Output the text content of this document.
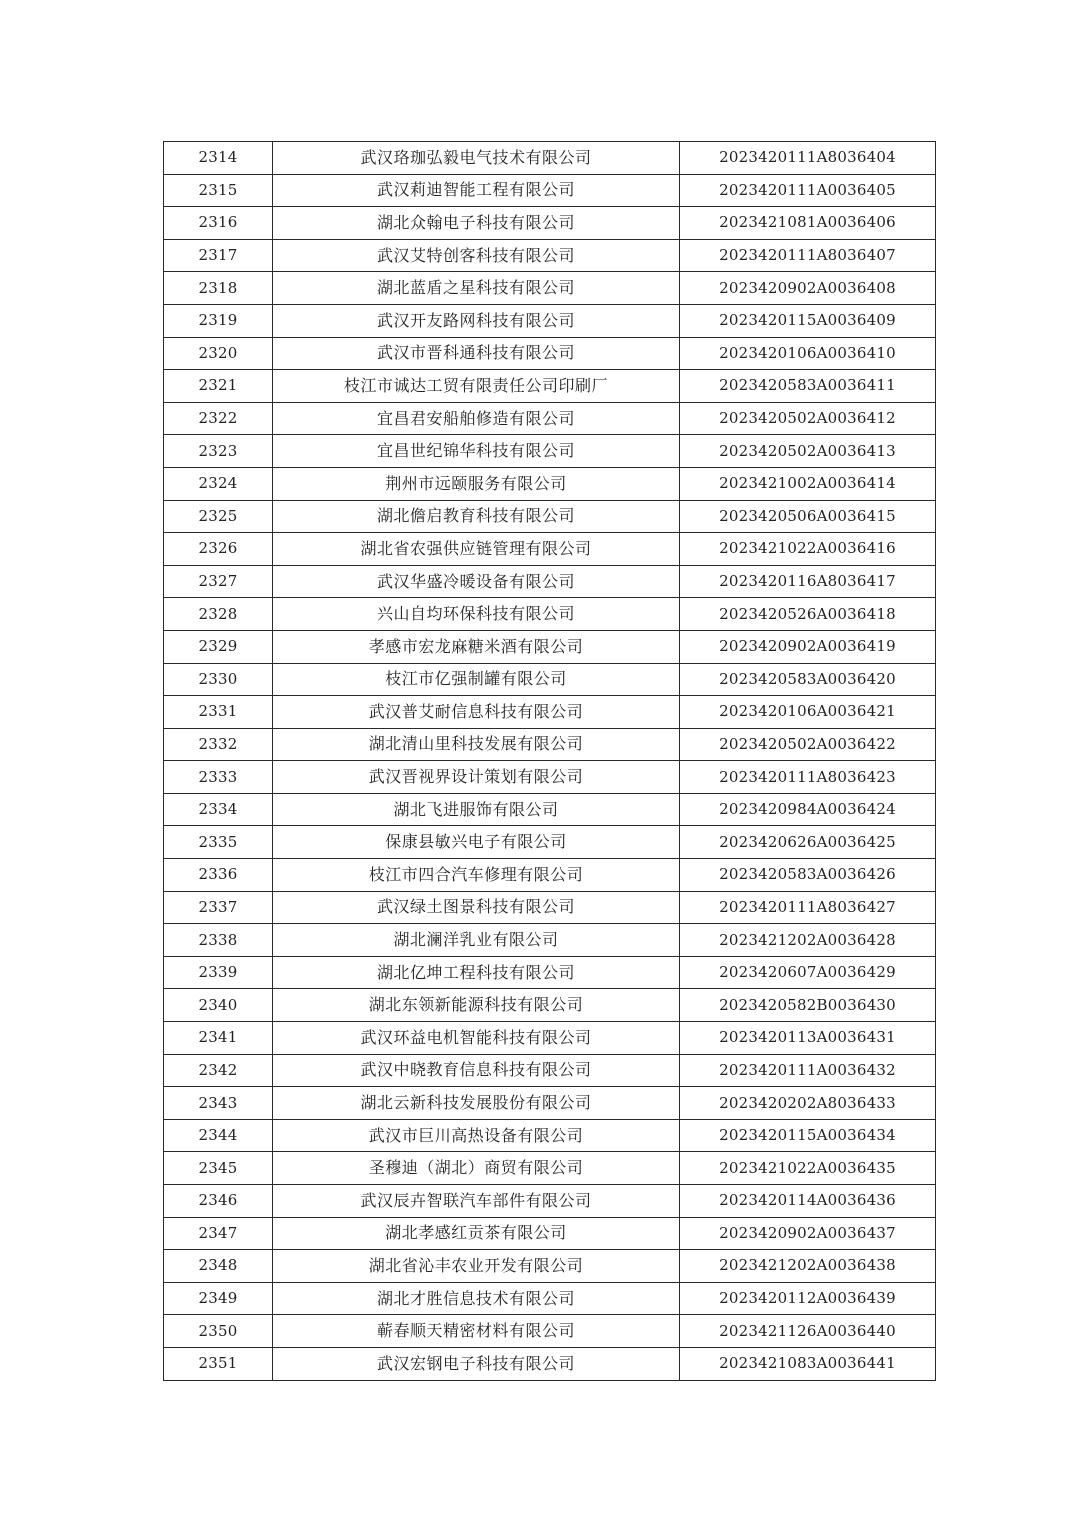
2314	武汉珞珈弘毅电气技术有限公司	2023420111A8036404
2315	武汉莉迪智能工程有限公司	2023420111A0036405
2316	湖北众翰电子科技有限公司	2023421081A0036406
2317	武汉艾特创客科技有限公司	2023420111A8036407
2318	湖北蓝盾之星科技有限公司	2023420902A0036408
2319	武汉开友路网科技有限公司	2023420115A0036409
2320	武汉市晋科通科技有限公司	2023420106A0036410
2321	枝江市诚达工贸有限责任公司印刷厂	2023420583A0036411
2322	宜昌君安船舶修造有限公司	2023420502A0036412
2323	宜昌世纪锦华科技有限公司	2023420502A0036413
2324	荆州市远颐服务有限公司	2023421002A0036414
2325	湖北儋启教育科技有限公司	2023420506A0036415
2326	湖北省农强供应链管理有限公司	2023421022A0036416
2327	武汉华盛冷暖设备有限公司	2023420116A8036417
2328	兴山自均环保科技有限公司	2023420526A0036418
2329	孝感市宏龙麻糖米酒有限公司	2023420902A0036419
2330	枝江市亿强制罐有限公司	2023420583A0036420
2331	武汉普艾耐信息科技有限公司	2023420106A0036421
2332	湖北清山里科技发展有限公司	2023420502A0036422
2333	武汉晋视界设计策划有限公司	2023420111A8036423
2334	湖北飞进服饰有限公司	2023420984A0036424
2335	保康县敏兴电子有限公司	2023420626A0036425
2336	枝江市四合汽车修理有限公司	2023420583A0036426
2337	武汉绿土图景科技有限公司	2023420111A8036427
2338	湖北澜洋乳业有限公司	2023421202A0036428
2339	湖北亿坤工程科技有限公司	2023420607A0036429
2340	湖北东领新能源科技有限公司	2023420582B0036430
2341	武汉环益电机智能科技有限公司	2023420113A0036431
2342	武汉中晓教育信息科技有限公司	2023420111A0036432
2343	湖北云新科技发展股份有限公司	2023420202A8036433
2344	武汉市巨川高热设备有限公司	2023420115A0036434
2345	圣穆迪（湖北）商贸有限公司	2023421022A0036435
2346	武汉辰卉智联汽车部件有限公司	2023420114A0036436
2347	湖北孝感红贡茶有限公司	2023420902A0036437
2348	湖北省沁丰农业开发有限公司	2023421202A0036438
2349	湖北才胜信息技术有限公司	2023420112A0036439
2350	蕲春顺天精密材料有限公司	2023421126A0036440
2351	武汉宏钢电子科技有限公司	2023421083A0036441
